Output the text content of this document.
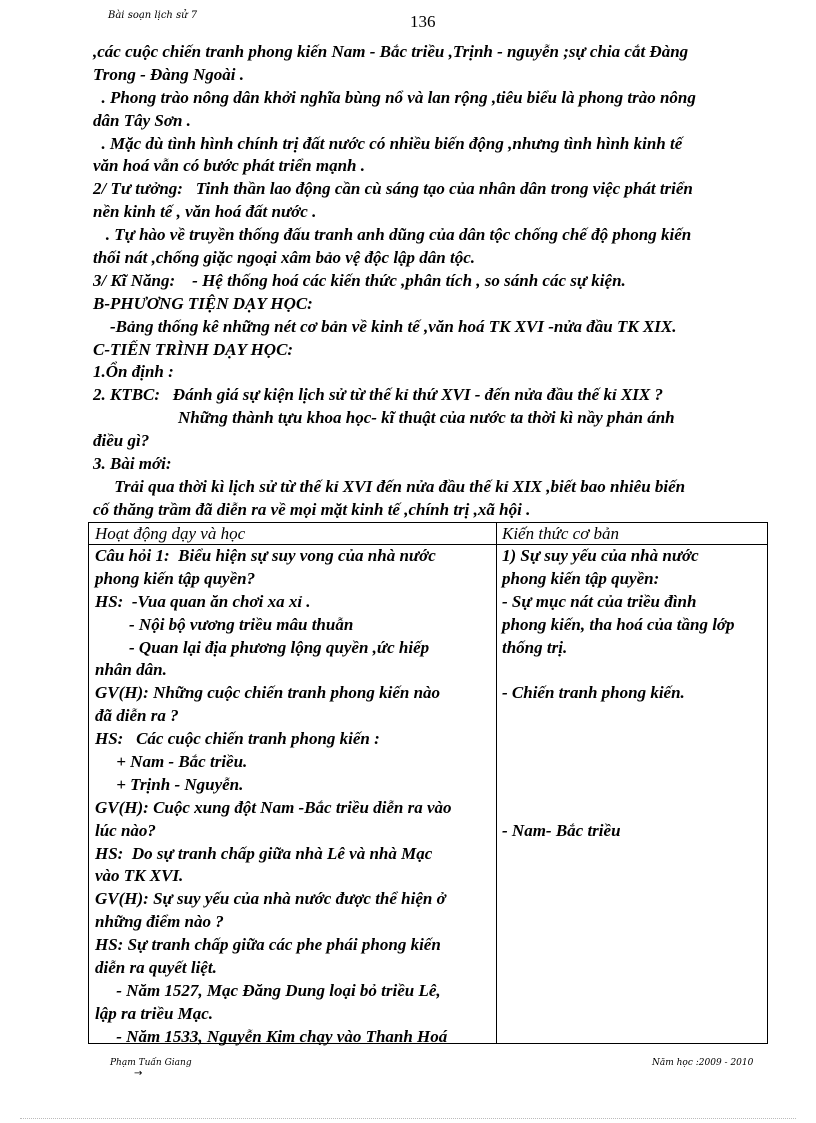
Bài soạn lịch sử 7	136
,các cuộc chiến tranh phong kiến Nam - Bắc triều ,Trịnh - nguyễn ;sự chia cắt Đàng
Trong - Đàng Ngoài .
. Phong trào nông dân khởi nghĩa bùng nổ và lan rộng ,tiêu biểu là phong trào nông
dân Tây Sơn .
. Mặc dù tình hình chính trị đất nước có nhiều biến động ,nhưng tình hình kinh tế
văn hoá vẫn có bước phát triển mạnh .
2/ Tư tưởng:   Tinh thần lao động cần cù sáng tạo của nhân dân trong việc phát triển
nền kinh tế , văn hoá đất nước .
. Tự hào về truyền thống đấu tranh anh dũng của dân tộc chống chế độ phong kiến
thối nát ,chống giặc ngoại xâm bảo vệ độc lập dân tộc.
3/ Kĩ Năng:    - Hệ thống hoá các kiến thức ,phân tích , so sánh các sự kiện.
B-PHƯƠNG TIỆN DẠY HỌC:
-Bảng thống kê những nét cơ bản về kinh tế ,văn hoá TK XVI -nửa đầu TK XIX.
C-TIẾN TRÌNH DẠY HỌC:
1.Ổn định :
2. KTBC:   Đánh giá sự kiện lịch sử từ thế kỉ thứ XVI - đến nửa đầu thế kỉ XIX ?
Những thành tựu khoa học- kĩ thuật của nước ta thời kì nầy phản ánh
điều gì?
3. Bài mới:
Trải qua thời kì lịch sử từ thế kỉ XVI đến nửa đầu thế kỉ XIX ,biết bao nhiêu biến
cố thăng trầm đã diễn ra về mọi mặt kinh tế ,chính trị ,xã hội .
Hoạt động dạy và học	Kiến thức cơ bản
Câu hỏi 1:  Biểu hiện sự suy vong của nhà nước
phong kiến tập quyền?
HS:  -Vua quan ăn chơi xa xỉ .
- Nội bộ vương triều mâu thuẫn
- Quan lại địa phương lộng quyền ,ức hiếp
nhân dân.
GV(H): Những cuộc chiến tranh phong kiến nào
đã diễn ra ?
HS:   Các cuộc chiến tranh phong kiến :
+ Nam - Bắc triều.
+ Trịnh - Nguyễn.
GV(H): Cuộc xung đột Nam -Bắc triều diễn ra vào
lúc nào?
HS:  Do sự tranh chấp giữa nhà Lê và nhà Mạc
vào TK XVI.
GV(H): Sự suy yếu của nhà nước được thể hiện ở
những điểm nào ?
HS: Sự tranh chấp giữa các phe phái phong kiến
diễn ra quyết liệt.
- Năm 1527, Mạc Đăng Dung loại bỏ triều Lê,
lập ra triều Mạc.
- Năm 1533, Nguyễn Kim chạy vào Thanh Hoá
1) Sự suy yếu của nhà nước
phong kiến tập quyền:
- Sự mục nát của triều đình
phong kiến, tha hoá của tầng lớp
thống trị.
- Chiến tranh phong kiến.
- Nam- Bắc triều
Phạm Tuấn Giang
→
Năm học :2009 - 2010
